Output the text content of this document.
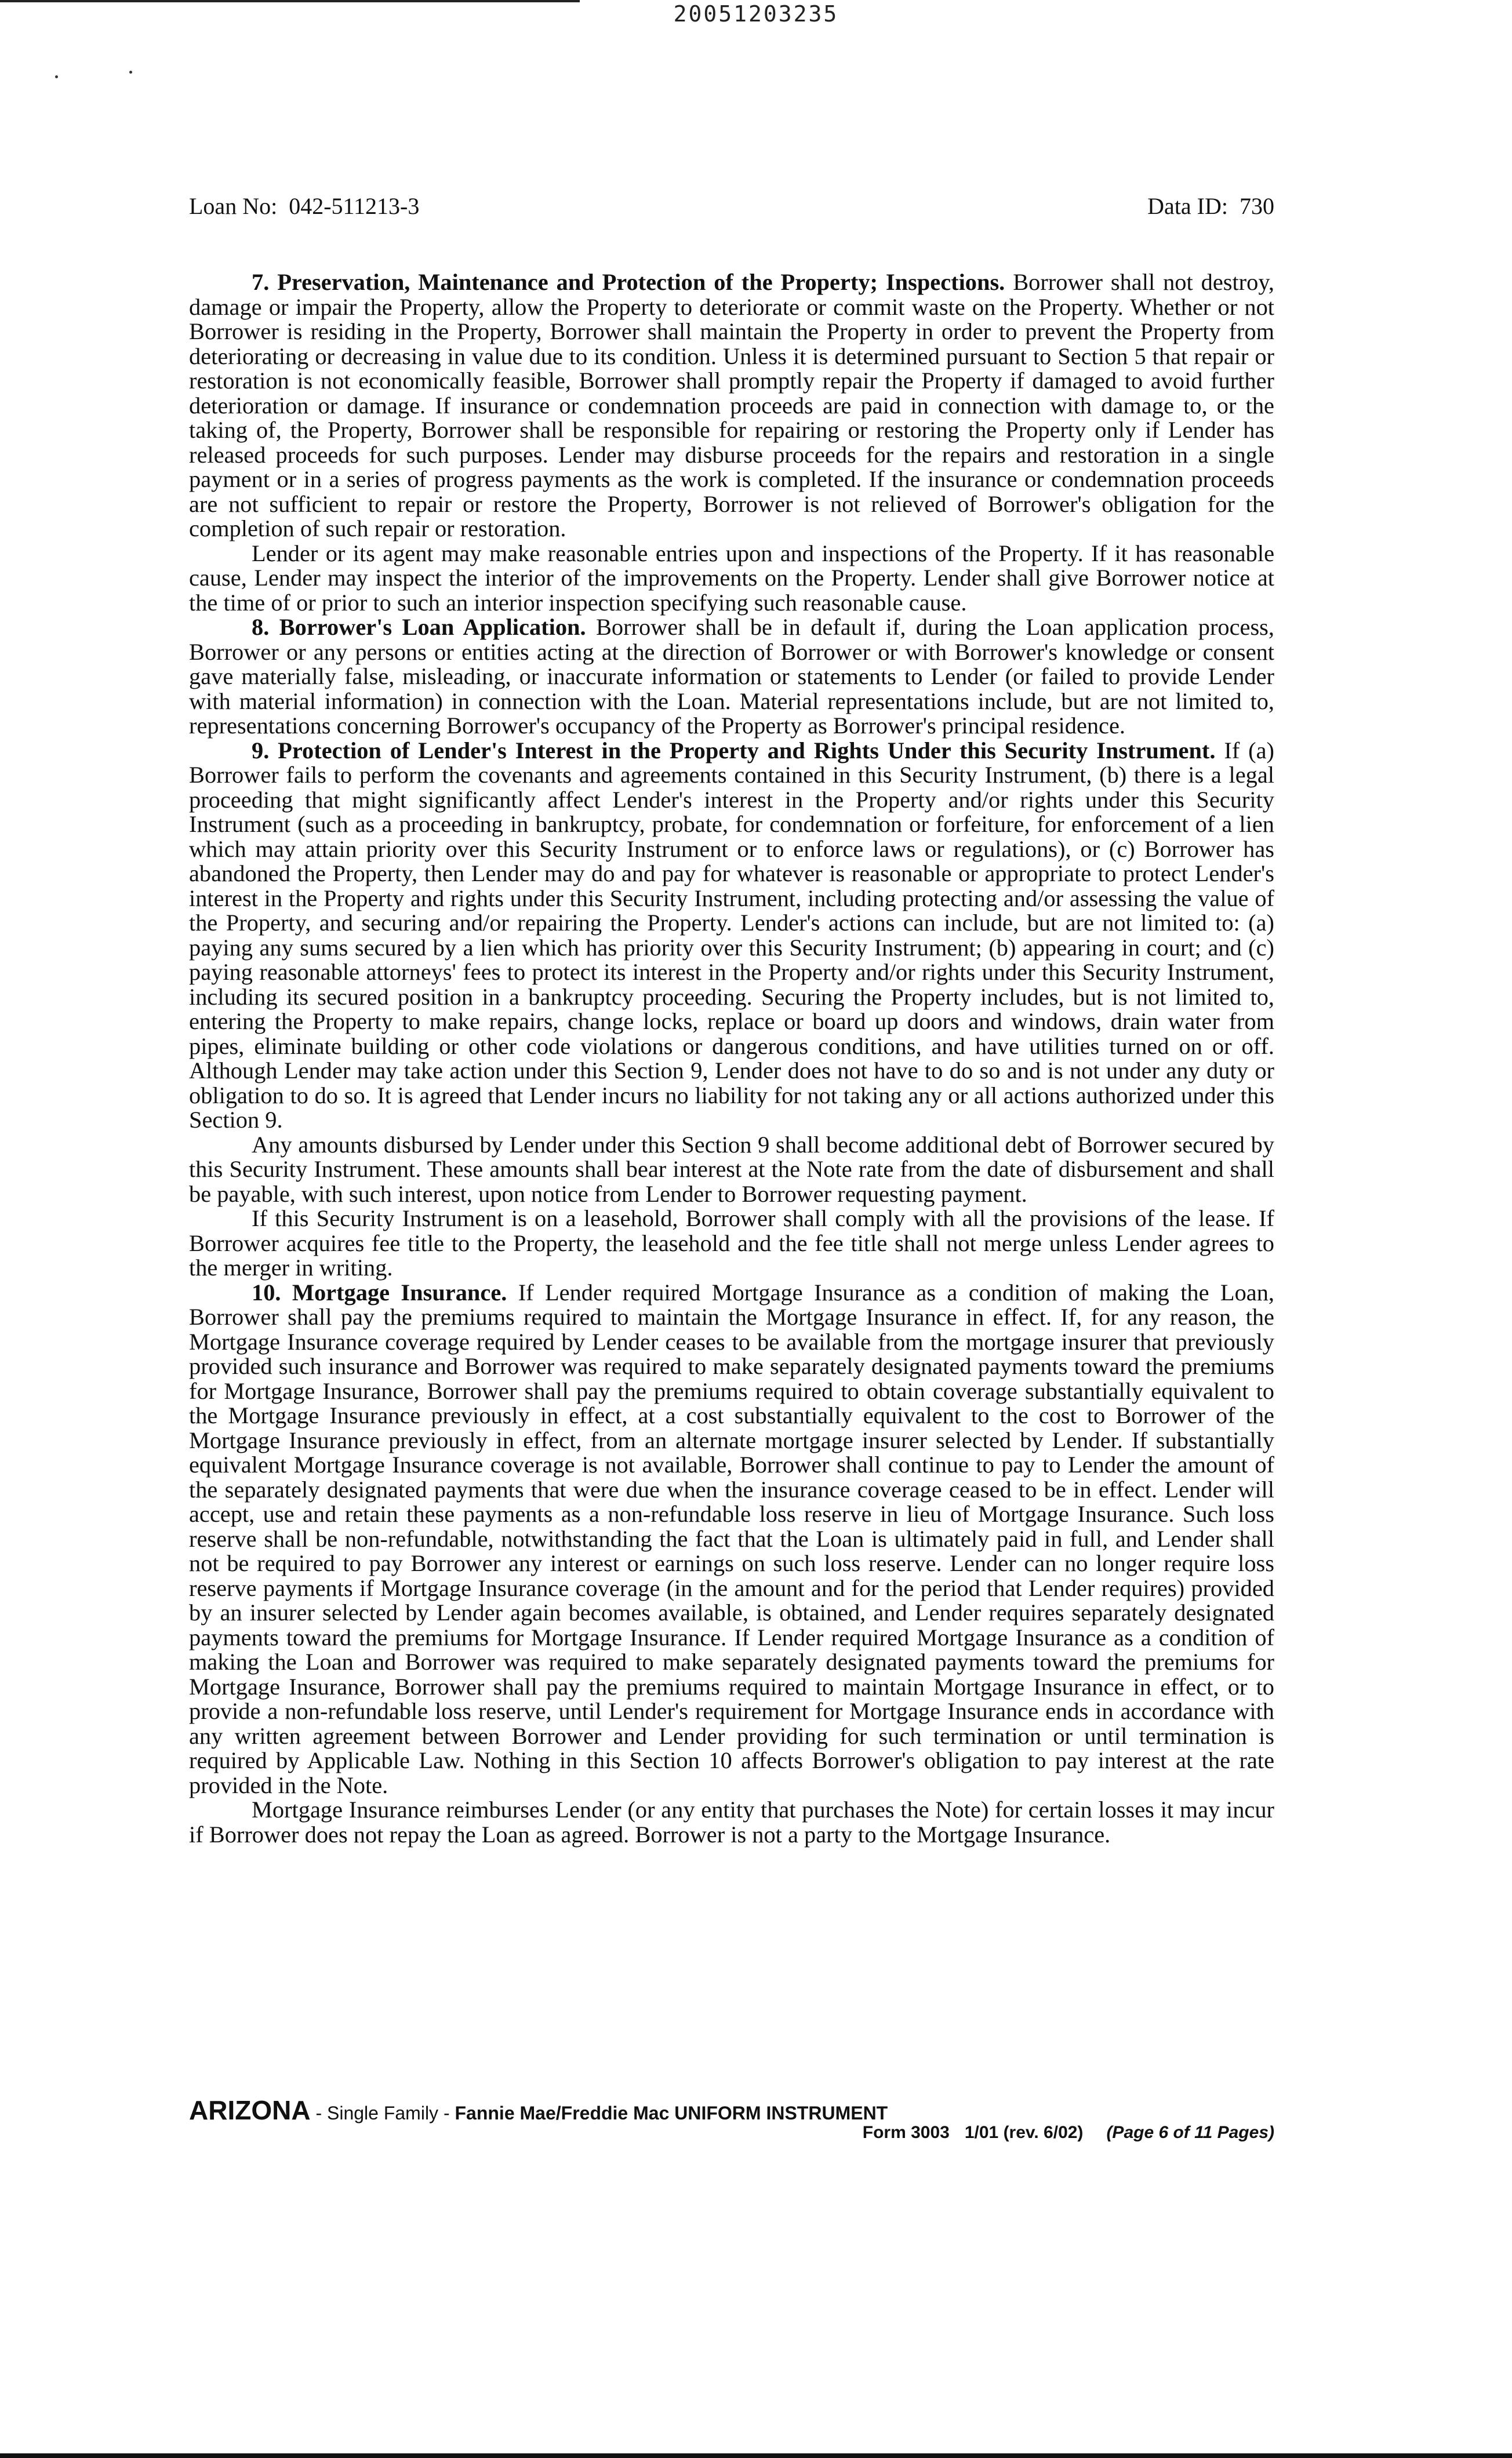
20051203235
Loan No: 042-511213-3	Data ID: 730

7. Preservation, Maintenance and Protection of the Property; Inspections. Borrower shall not destroy, damage or impair the Property, allow the Property to deteriorate or commit waste on the Property. Whether or not Borrower is residing in the Property, Borrower shall maintain the Property in order to prevent the Property from deteriorating or decreasing in value due to its condition. Unless it is determined pursuant to Section 5 that repair or restoration is not economically feasible, Borrower shall promptly repair the Property if damaged to avoid further deterioration or damage. If insurance or condemnation proceeds are paid in connection with damage to, or the taking of, the Property, Borrower shall be responsible for repairing or restoring the Property only if Lender has released proceeds for such purposes. Lender may disburse proceeds for the repairs and restoration in a single payment or in a series of progress payments as the work is completed. If the insurance or condemnation proceeds are not sufficient to repair or restore the Property, Borrower is not relieved of Borrower's obligation for the completion of such repair or restoration.

Lender or its agent may make reasonable entries upon and inspections of the Property. If it has reasonable cause, Lender may inspect the interior of the improvements on the Property. Lender shall give Borrower notice at the time of or prior to such an interior inspection specifying such reasonable cause.

8. Borrower's Loan Application. Borrower shall be in default if, during the Loan application process, Borrower or any persons or entities acting at the direction of Borrower or with Borrower's knowledge or consent gave materially false, misleading, or inaccurate information or statements to Lender (or failed to provide Lender with material information) in connection with the Loan. Material representations include, but are not limited to, representations concerning Borrower's occupancy of the Property as Borrower's principal residence.

9. Protection of Lender's Interest in the Property and Rights Under this Security Instrument. If (a) Borrower fails to perform the covenants and agreements contained in this Security Instrument, (b) there is a legal proceeding that might significantly affect Lender's interest in the Property and/or rights under this Security Instrument (such as a proceeding in bankruptcy, probate, for condemnation or forfeiture, for enforcement of a lien which may attain priority over this Security Instrument or to enforce laws or regulations), or (c) Borrower has abandoned the Property, then Lender may do and pay for whatever is reasonable or appropriate to protect Lender's interest in the Property and rights under this Security Instrument, including protecting and/or assessing the value of the Property, and securing and/or repairing the Property. Lender's actions can include, but are not limited to: (a) paying any sums secured by a lien which has priority over this Security Instrument; (b) appearing in court; and (c) paying reasonable attorneys' fees to protect its interest in the Property and/or rights under this Security Instrument, including its secured position in a bankruptcy proceeding. Securing the Property includes, but is not limited to, entering the Property to make repairs, change locks, replace or board up doors and windows, drain water from pipes, eliminate building or other code violations or dangerous conditions, and have utilities turned on or off. Although Lender may take action under this Section 9, Lender does not have to do so and is not under any duty or obligation to do so. It is agreed that Lender incurs no liability for not taking any or all actions authorized under this Section 9.

Any amounts disbursed by Lender under this Section 9 shall become additional debt of Borrower secured by this Security Instrument. These amounts shall bear interest at the Note rate from the date of disbursement and shall be payable, with such interest, upon notice from Lender to Borrower requesting payment.

If this Security Instrument is on a leasehold, Borrower shall comply with all the provisions of the lease. If Borrower acquires fee title to the Property, the leasehold and the fee title shall not merge unless Lender agrees to the merger in writing.

10. Mortgage Insurance. If Lender required Mortgage Insurance as a condition of making the Loan, Borrower shall pay the premiums required to maintain the Mortgage Insurance in effect. If, for any reason, the Mortgage Insurance coverage required by Lender ceases to be available from the mortgage insurer that previously provided such insurance and Borrower was required to make separately designated payments toward the premiums for Mortgage Insurance, Borrower shall pay the premiums required to obtain coverage substantially equivalent to the Mortgage Insurance previously in effect, at a cost substantially equivalent to the cost to Borrower of the Mortgage Insurance previously in effect, from an alternate mortgage insurer selected by Lender. If substantially equivalent Mortgage Insurance coverage is not available, Borrower shall continue to pay to Lender the amount of the separately designated payments that were due when the insurance coverage ceased to be in effect. Lender will accept, use and retain these payments as a non-refundable loss reserve in lieu of Mortgage Insurance. Such loss reserve shall be non-refundable, notwithstanding the fact that the Loan is ultimately paid in full, and Lender shall not be required to pay Borrower any interest or earnings on such loss reserve. Lender can no longer require loss reserve payments if Mortgage Insurance coverage (in the amount and for the period that Lender requires) provided by an insurer selected by Lender again becomes available, is obtained, and Lender requires separately designated payments toward the premiums for Mortgage Insurance. If Lender required Mortgage Insurance as a condition of making the Loan and Borrower was required to make separately designated payments toward the premiums for Mortgage Insurance, Borrower shall pay the premiums required to maintain Mortgage Insurance in effect, or to provide a non-refundable loss reserve, until Lender's requirement for Mortgage Insurance ends in accordance with any written agreement between Borrower and Lender providing for such termination or until termination is required by Applicable Law. Nothing in this Section 10 affects Borrower's obligation to pay interest at the rate provided in the Note.

Mortgage Insurance reimburses Lender (or any entity that purchases the Note) for certain losses it may incur if Borrower does not repay the Loan as agreed. Borrower is not a party to the Mortgage Insurance.

ARIZONA - Single Family - Fannie Mae/Freddie Mac UNIFORM INSTRUMENT
Form 3003 1/01 (rev. 6/02) (Page 6 of 11 Pages)
